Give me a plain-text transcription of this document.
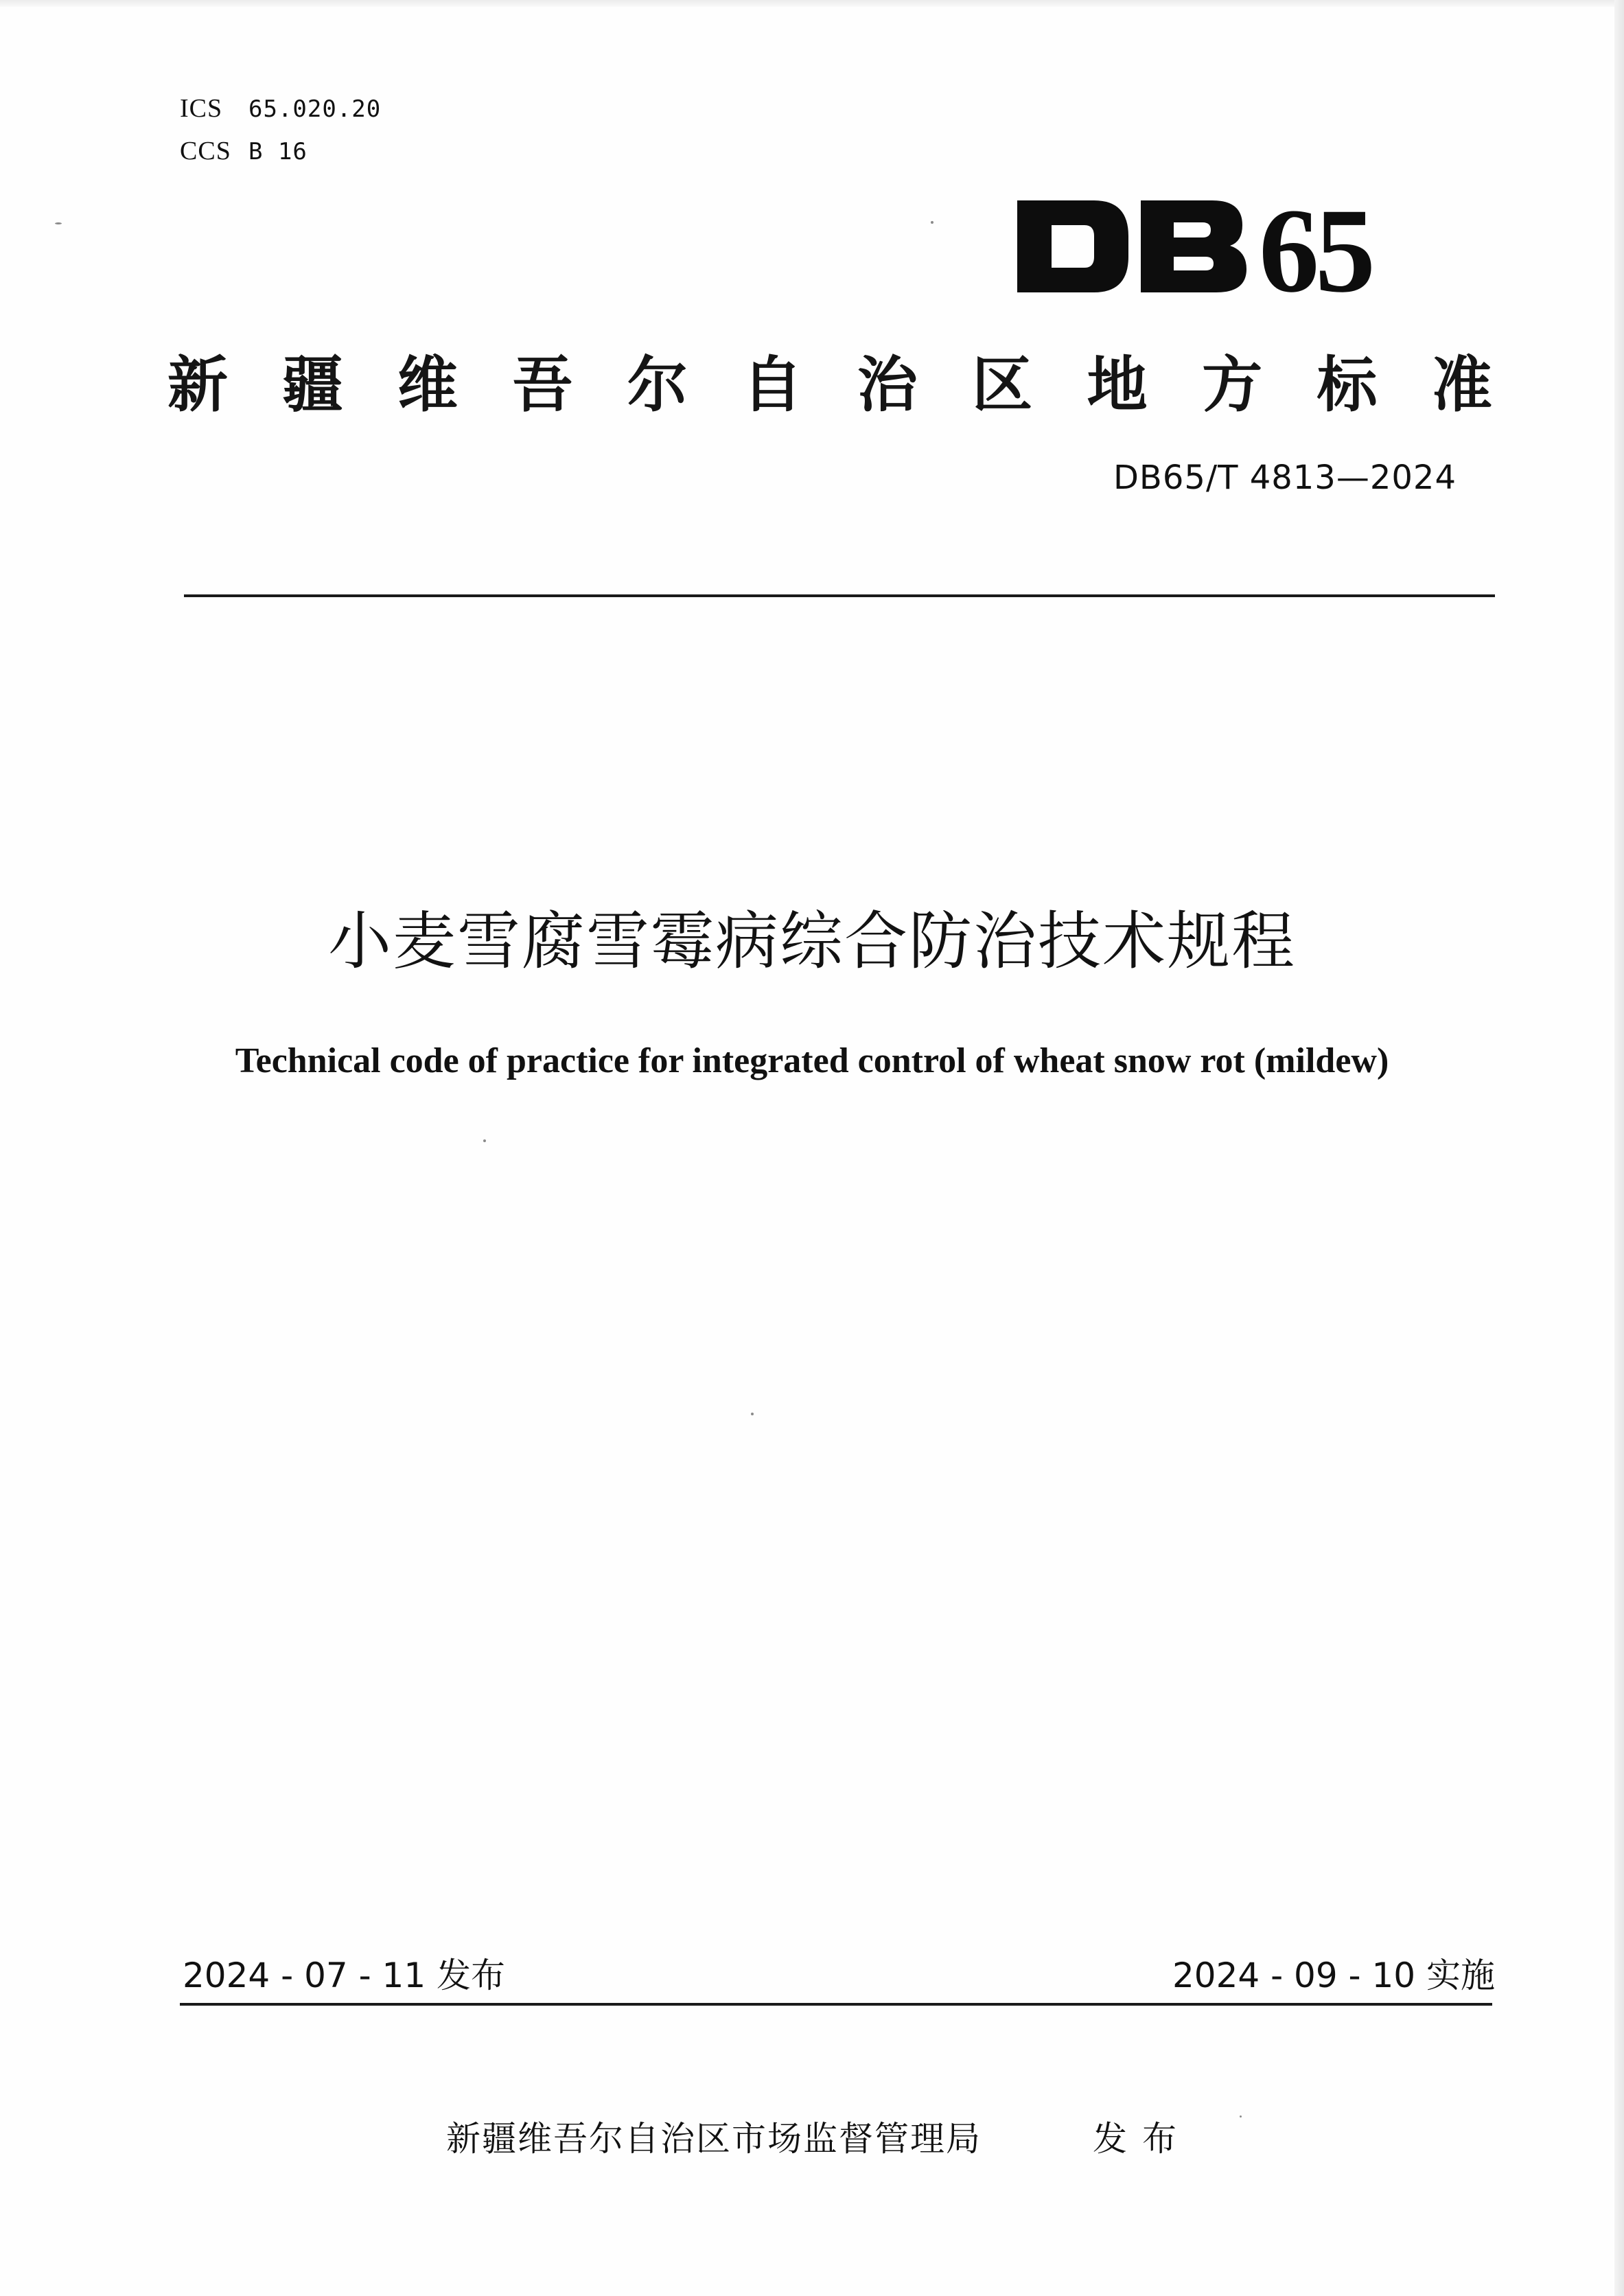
ICS 65.020.20
CCS B 16
65
新 疆 维 吾 尔 自 治 区 地 方 标 准
DB65/T 4813—2024
小麦雪腐雪霉病综合防治技术规程
Technical code of practice for integrated control of wheat snow rot (mildew)
2024 - 07 - 11 发布	2024 - 09 - 10 实施
新疆维吾尔自治区市场监督管理局	发布
